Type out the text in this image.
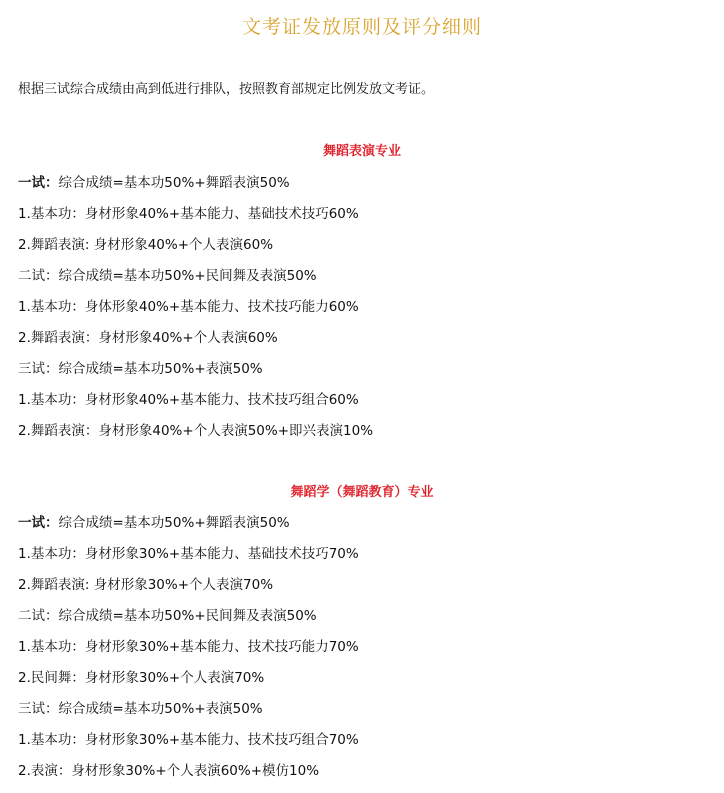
文考证发放原则及评分细则
根据三试综合成绩由高到低进行排队，按照教育部规定比例发放文考证。
舞蹈表演专业
一试：综合成绩=基本功50%+舞蹈表演50%
1.基本功：身材形象40%+基本能力、基础技术技巧60%
2.舞蹈表演: 身材形象40%+个人表演60%
二试：综合成绩=基本功50%+民间舞及表演50%
1.基本功：身体形象40%+基本能力、技术技巧能力60%
2.舞蹈表演：身材形象40%+个人表演60%
三试：综合成绩=基本功50%+表演50%
1.基本功：身材形象40%+基本能力、技术技巧组合60%
2.舞蹈表演：身材形象40%+个人表演50%+即兴表演10%
舞蹈学（舞蹈教育）专业
一试：综合成绩=基本功50%+舞蹈表演50%
1.基本功：身材形象30%+基本能力、基础技术技巧70%
2.舞蹈表演: 身材形象30%+个人表演70%
二试：综合成绩=基本功50%+民间舞及表演50%
1.基本功：身材形象30%+基本能力、技术技巧能力70%
2.民间舞：身材形象30%+个人表演70%
三试：综合成绩=基本功50%+表演50%
1.基本功：身材形象30%+基本能力、技术技巧组合70%
2.表演：身材形象30%+个人表演60%+模仿10%
